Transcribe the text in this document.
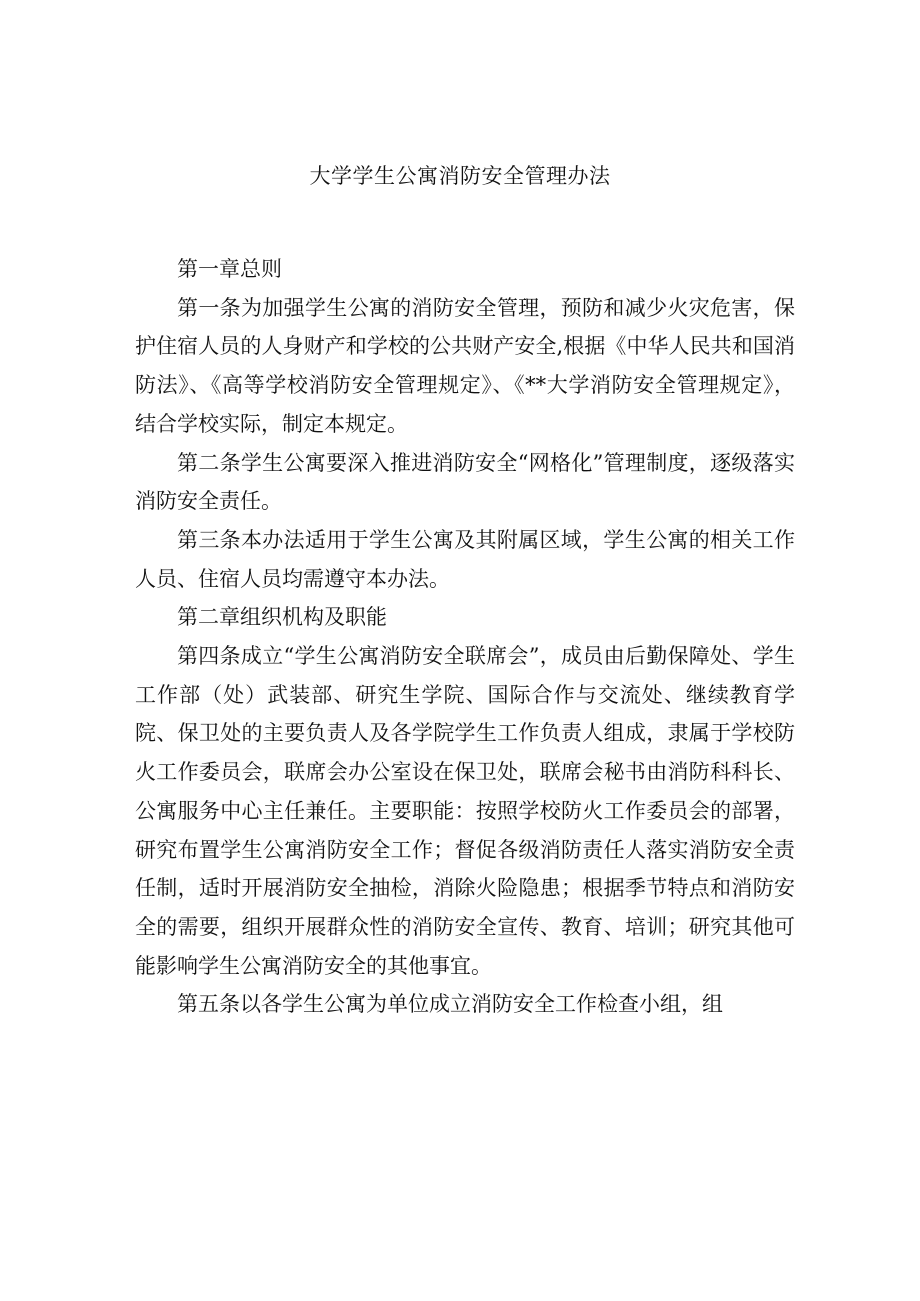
大学学生公寓消防安全管理办法

第一章总则

第一条为加强学生公寓的消防安全管理，预防和减少火灾危害，保护住宿人员的人身财产和学校的公共财产安全,根据《中华人民共和国消防法》、《高等学校消防安全管理规定》、《**大学消防安全管理规定》，结合学校实际，制定本规定。

第二条学生公寓要深入推进消防安全“网格化”管理制度，逐级落实消防安全责任。

第三条本办法适用于学生公寓及其附属区域，学生公寓的相关工作人员、住宿人员均需遵守本办法。

第二章组织机构及职能

第四条成立“学生公寓消防安全联席会”，成员由后勤保障处、学生工作部（处）武装部、研究生学院、国际合作与交流处、继续教育学院、保卫处的主要负责人及各学院学生工作负责人组成，隶属于学校防火工作委员会，联席会办公室设在保卫处，联席会秘书由消防科科长、公寓服务中心主任兼任。主要职能：按照学校防火工作委员会的部署，研究布置学生公寓消防安全工作；督促各级消防责任人落实消防安全责任制，适时开展消防安全抽检，消除火险隐患；根据季节特点和消防安全的需要，组织开展群众性的消防安全宣传、教育、培训；研究其他可能影响学生公寓消防安全的其他事宜。

第五条以各学生公寓为单位成立消防安全工作检查小组，组
